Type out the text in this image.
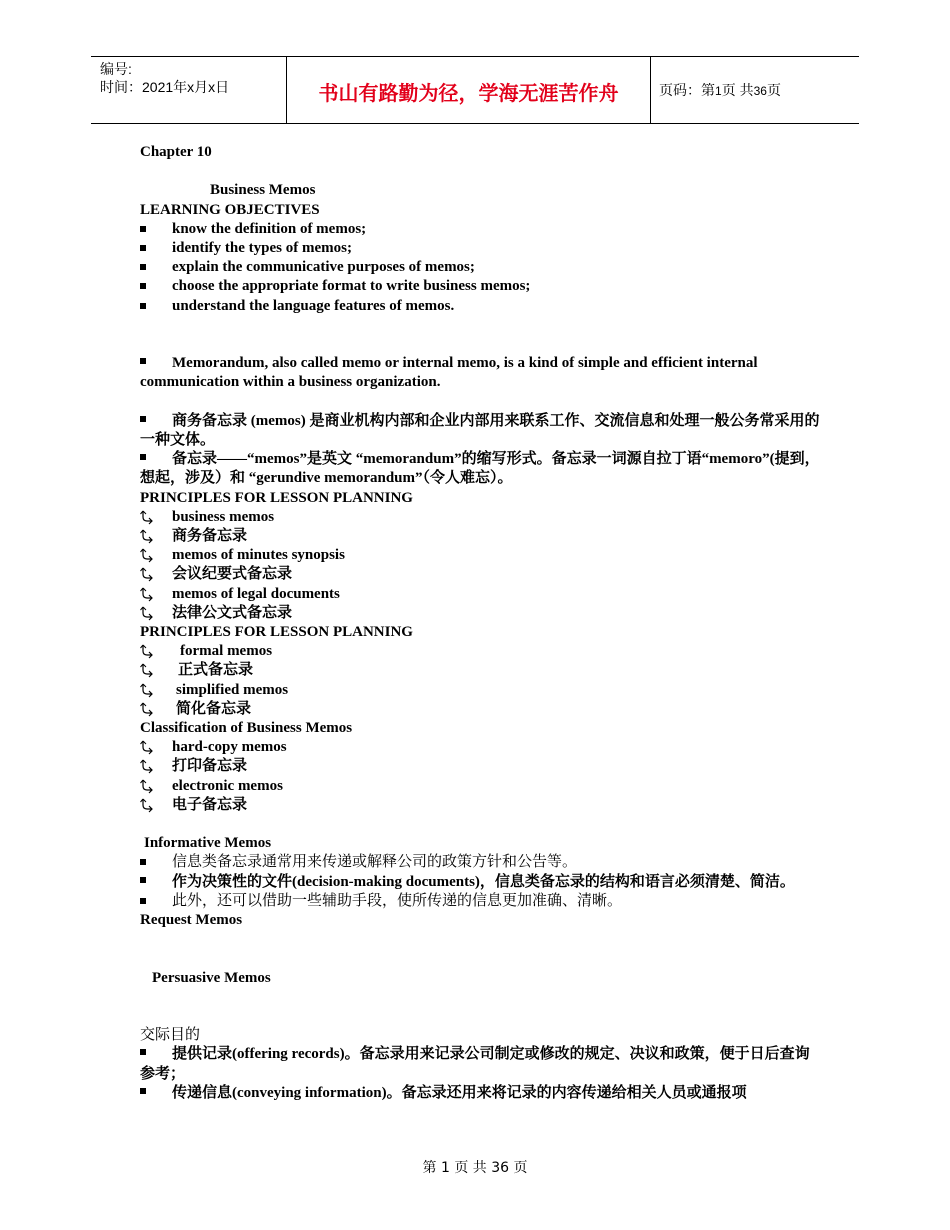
编号:
时间：2021年x月x日	书山有路勤为径，学海无涯苦作舟	页码：第1页 共36页
Chapter 10
Business Memos
LEARNING OBJECTIVES
know the definition of memos;
identify the types of memos;
explain the communicative purposes of memos;
choose the appropriate format to write business memos;
understand the language features of memos.
Memorandum, also called memo or internal memo, is a kind of simple and efficient internal communication within a business organization.
商务备忘录 (memos) 是商业机构内部和企业内部用来联系工作、交流信息和处理一般公务常采用的一种文体。
备忘录——“memos”是英文 “memorandum”的缩写形式。备忘录一词源自拉丁语“memoro”(提到，想起，涉及）和 “gerundive memorandum”（令人难忘）。
PRINCIPLES FOR LESSON PLANNING
business memos
商务备忘录
memos of minutes synopsis
会议纪要式备忘录
memos of legal documents
法律公文式备忘录
PRINCIPLES FOR LESSON PLANNING
formal memos
正式备忘录
simplified memos
简化备忘录
Classification of Business Memos
hard-copy memos
打印备忘录
electronic memos
电子备忘录
Informative Memos
信息类备忘录通常用来传递或解释公司的政策方针和公告等。
作为决策性的文件(decision-making documents)，信息类备忘录的结构和语言必须清楚、简洁。
此外，还可以借助一些辅助手段，使所传递的信息更加准确、清晰。
Request Memos
Persuasive Memos
交际目的
提供记录(offering records)。备忘录用来记录公司制定或修改的规定、决议和政策，便于日后查询参考；
传递信息(conveying information)。备忘录还用来将记录的内容传递给相关人员或通报项
第 1 页 共 36 页
